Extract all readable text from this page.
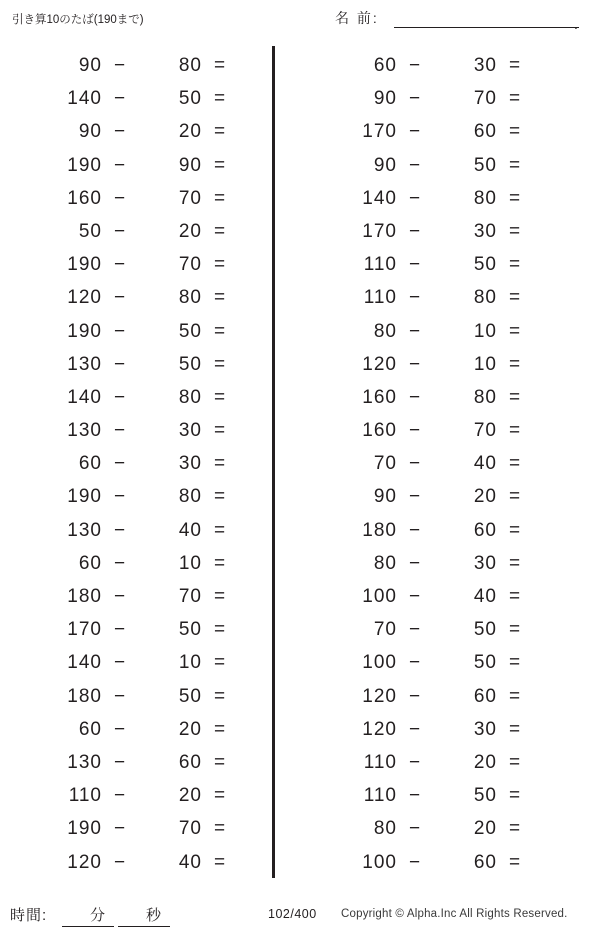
引き算10のたば(190まで)	名 前:	.
90 −	80 =
140 −	50 =
90 −	20 =
190 −	90 =
160 −	70 =
50 −	20 =
190 −	70 =
120 −	80 =
190 −	50 =
130 −	50 =
140 −	80 =
130 −	30 =
60 −	30 =
190 −	80 =
130 −	40 =
60 −	10 =
180 −	70 =
170 −	50 =
140 −	10 =
180 −	50 =
60 −	20 =
130 −	60 =
110 −	20 =
190 −	70 =
120 −	40 =
60 −	30 =
90 −	70 =
170 −	60 =
90 −	50 =
140 −	80 =
170 −	30 =
110 −	50 =
110 −	80 =
80 −	10 =
120 −	10 =
160 −	80 =
160 −	70 =
70 −	40 =
90 −	20 =
180 −	60 =
80 −	30 =
100 −	40 =
70 −	50 =
100 −	50 =
120 −	60 =
120 −	30 =
110 −	20 =
110 −	50 =
80 −	20 =
100 −	60 =
時間:	分	秒	102/400 Copyright © Alpha.Inc All Rights Reserved.
